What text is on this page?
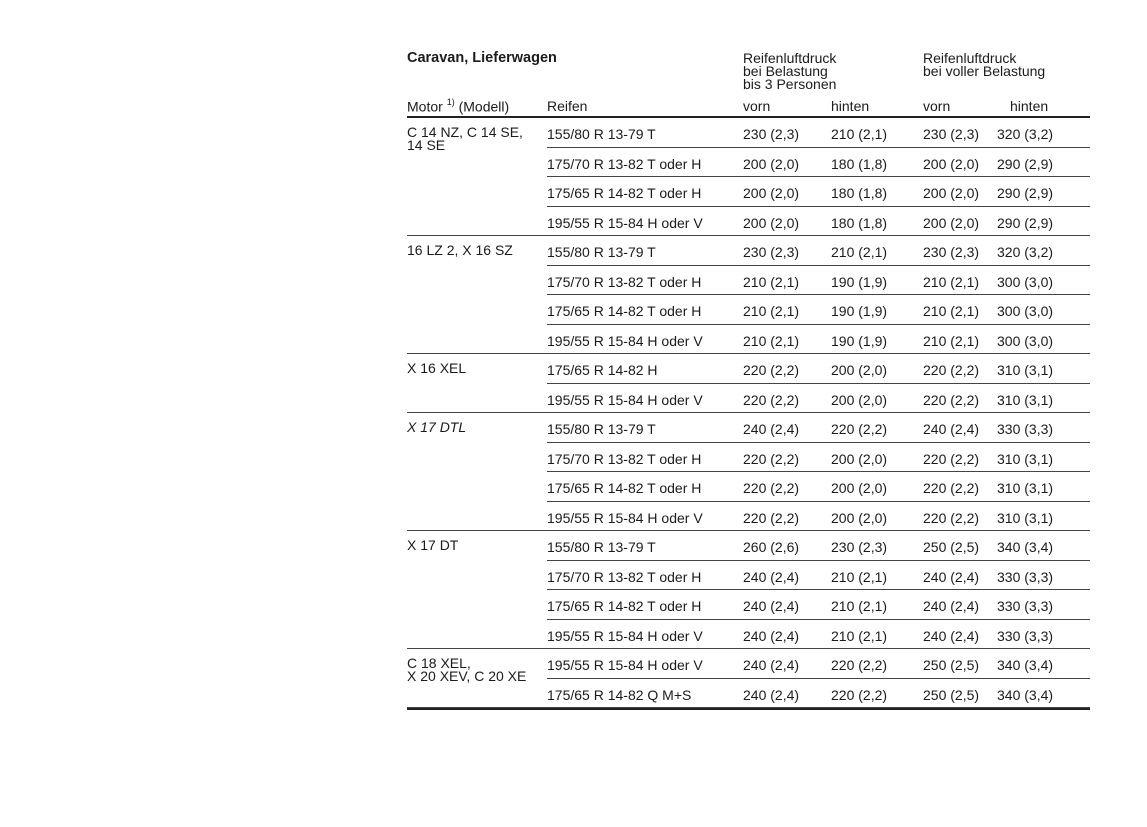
Caravan, Lieferwagen	Reifenluftdruck
bei Belastung
bis 3 Personen
Reifenluftdruck
bei voller Belastung
Motor $^{1)}$ (Modell)	Reifen	vorn	hinten	vorn	hinten
C 14 NZ, C 14 SE,
14 SE
155/80 R 13-79 T	230 (2,3) 210 (2,1)	230 (2,3) 320 (3,2)
175/70 R 13-82 T oder H	200 (2,0) 180 (1,8)	200 (2,0) 290 (2,9)
175/65 R 14-82 T oder H	200 (2,0) 180 (1,8)	200 (2,0) 290 (2,9)
195/55 R 15-84 H oder V	200 (2,0) 180 (1,8)	200 (2,0) 290 (2,9)
16 LZ 2, X 16 SZ	155/80 R 13-79 T	230 (2,3) 210 (2,1)	230 (2,3) 320 (3,2)
175/70 R 13-82 T oder H	210 (2,1) 190 (1,9)	210 (2,1) 300 (3,0)
175/65 R 14-82 T oder H	210 (2,1) 190 (1,9)	210 (2,1) 300 (3,0)
195/55 R 15-84 H oder V	210 (2,1) 190 (1,9)	210 (2,1) 300 (3,0)
X 16 XEL	175/65 R 14-82 H	220 (2,2) 200 (2,0)	220 (2,2) 310 (3,1)
195/55 R 15-84 H oder V	220 (2,2) 200 (2,0)	220 (2,2) 310 (3,1)
X 17 DTL	155/80 R 13-79 T	240 (2,4) 220 (2,2)	240 (2,4) 330 (3,3)
175/70 R 13-82 T oder H	220 (2,2) 200 (2,0)	220 (2,2) 310 (3,1)
175/65 R 14-82 T oder H	220 (2,2) 200 (2,0)	220 (2,2) 310 (3,1)
195/55 R 15-84 H oder V	220 (2,2) 200 (2,0)	220 (2,2) 310 (3,1)
X 17 DT	155/80 R 13-79 T	260 (2,6) 230 (2,3)	250 (2,5) 340 (3,4)
175/70 R 13-82 T oder H	240 (2,4) 210 (2,1)	240 (2,4) 330 (3,3)
175/65 R 14-82 T oder H	240 (2,4) 210 (2,1)	240 (2,4) 330 (3,3)
195/55 R 15-84 H oder V	240 (2,4) 210 (2,1)	240 (2,4) 330 (3,3)
C 18 XEL,
X 20 XEV, C 20 XE
195/55 R 15-84 H oder V	240 (2,4) 220 (2,2)	250 (2,5) 340 (3,4)
175/65 R 14-82 Q M+S	240 (2,4) 220 (2,2)	250 (2,5) 340 (3,4)
